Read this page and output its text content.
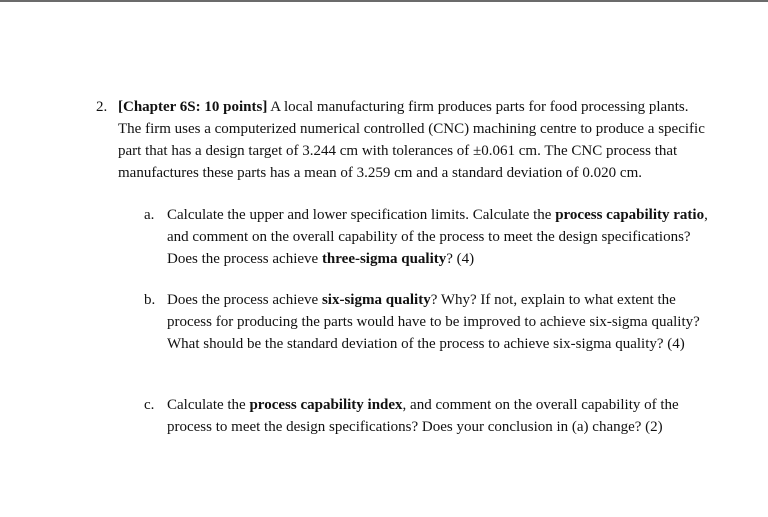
2. [Chapter 6S: 10 points] A local manufacturing firm produces parts for food processing plants. The firm uses a computerized numerical controlled (CNC) machining centre to produce a specific part that has a design target of 3.244 cm with tolerances of ±0.061 cm. The CNC process that manufactures these parts has a mean of 3.259 cm and a standard deviation of 0.020 cm.
a. Calculate the upper and lower specification limits. Calculate the process capability ratio, and comment on the overall capability of the process to meet the design specifications? Does the process achieve three-sigma quality? (4)
b. Does the process achieve six-sigma quality? Why? If not, explain to what extent the process for producing the parts would have to be improved to achieve six-sigma quality? What should be the standard deviation of the process to achieve six-sigma quality? (4)
c. Calculate the process capability index, and comment on the overall capability of the process to meet the design specifications? Does your conclusion in (a) change? (2)
